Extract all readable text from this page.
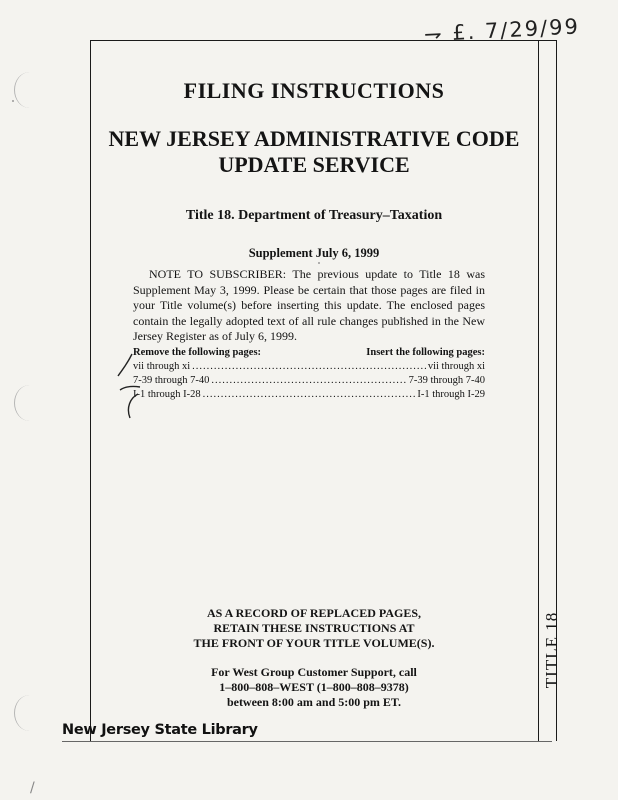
⇁ £. 7/29/99
FILING INSTRUCTIONS
NEW JERSEY ADMINISTRATIVE CODE
UPDATE SERVICE
Title 18. Department of Treasury–Taxation
Supplement July 6, 1999

NOTE TO SUBSCRIBER: The previous update to Title 18 was Supplement May 3, 1999. Please be certain that those pages are filed in your Title volume(s) before inserting this update. The enclosed pages contain the legally adopted text of all rule changes published in the New Jersey Register as of July 6, 1999.

Remove the following pages:	Insert the following pages:
vii through xi .....	vii through xi
7-39 through 7-40 .....	7-39 through 7-40
I-1 through I-28 .....	I-1 through I-29
AS A RECORD OF REPLACED PAGES,
RETAIN THESE INSTRUCTIONS AT
THE FRONT OF YOUR TITLE VOLUME(S).
For West Group Customer Support, call
1–800–808–WEST (1–800–808–9378)
between 8:00 am and 5:00 pm ET.
TITLE 18
New Jersey State Library
/
